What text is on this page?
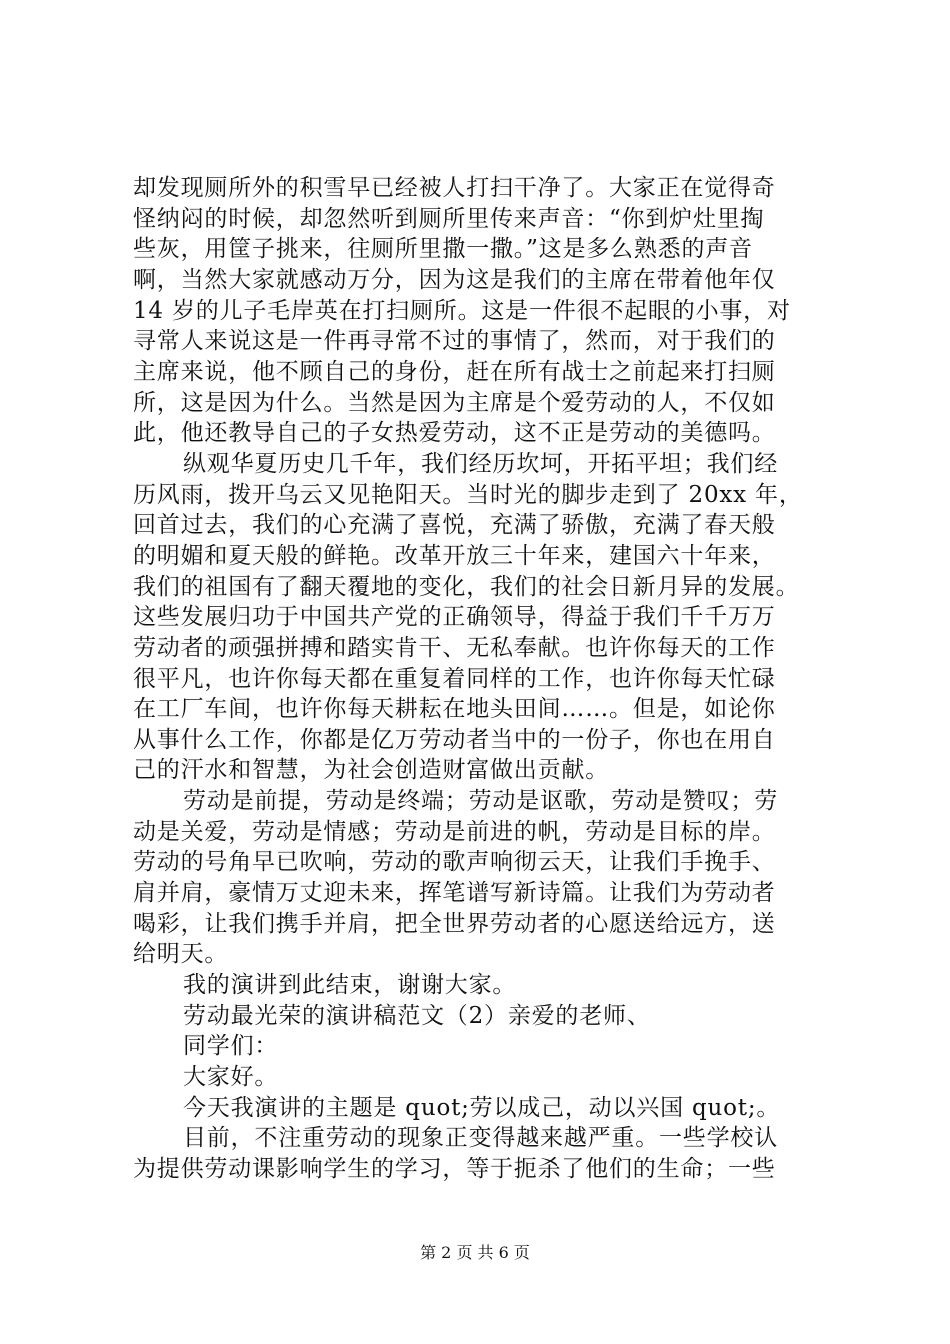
却发现厕所外的积雪早已经被人打扫干净了。大家正在觉得奇
怪纳闷的时候，却忽然听到厕所里传来声音：“你到炉灶里掏
些灰，用筐子挑来，往厕所里撒一撒。”这是多么熟悉的声音
啊，当然大家就感动万分，因为这是我们的主席在带着他年仅
14 岁的儿子毛岸英在打扫厕所。这是一件很不起眼的小事，对
寻常人来说这是一件再寻常不过的事情了，然而，对于我们的
主席来说，他不顾自己的身份，赶在所有战士之前起来打扫厕
所，这是因为什么。当然是因为主席是个爱劳动的人，不仅如
此，他还教导自己的子女热爱劳动，这不正是劳动的美德吗。
纵观华夏历史几千年，我们经历坎坷，开拓平坦；我们经
历风雨，拨开乌云又见艳阳天。当时光的脚步走到了 20xx 年，
回首过去，我们的心充满了喜悦，充满了骄傲，充满了春天般
的明媚和夏天般的鲜艳。改革开放三十年来，建国六十年来，
我们的祖国有了翻天覆地的变化，我们的社会日新月异的发展。
这些发展归功于中国共产党的正确领导，得益于我们千千万万
劳动者的顽强拼搏和踏实肯干、无私奉献。也许你每天的工作
很平凡，也许你每天都在重复着同样的工作，也许你每天忙碌
在工厂车间，也许你每天耕耘在地头田间……。但是，如论你
从事什么工作，你都是亿万劳动者当中的一份子，你也在用自
己的汗水和智慧，为社会创造财富做出贡献。
劳动是前提，劳动是终端；劳动是讴歌，劳动是赞叹；劳
动是关爱，劳动是情感；劳动是前进的帆，劳动是目标的岸。
劳动的号角早已吹响，劳动的歌声响彻云天，让我们手挽手、
肩并肩，豪情万丈迎未来，挥笔谱写新诗篇。让我们为劳动者
喝彩，让我们携手并肩，把全世界劳动者的心愿送给远方，送
给明天。
我的演讲到此结束，谢谢大家。
劳动最光荣的演讲稿范文（2）亲爱的老师、
同学们：
大家好。
今天我演讲的主题是 quot;劳以成己，动以兴国 quot;。
目前，不注重劳动的现象正变得越来越严重。一些学校认
为提供劳动课影响学生的学习，等于扼杀了他们的生命；一些
第 2 页 共 6 页
